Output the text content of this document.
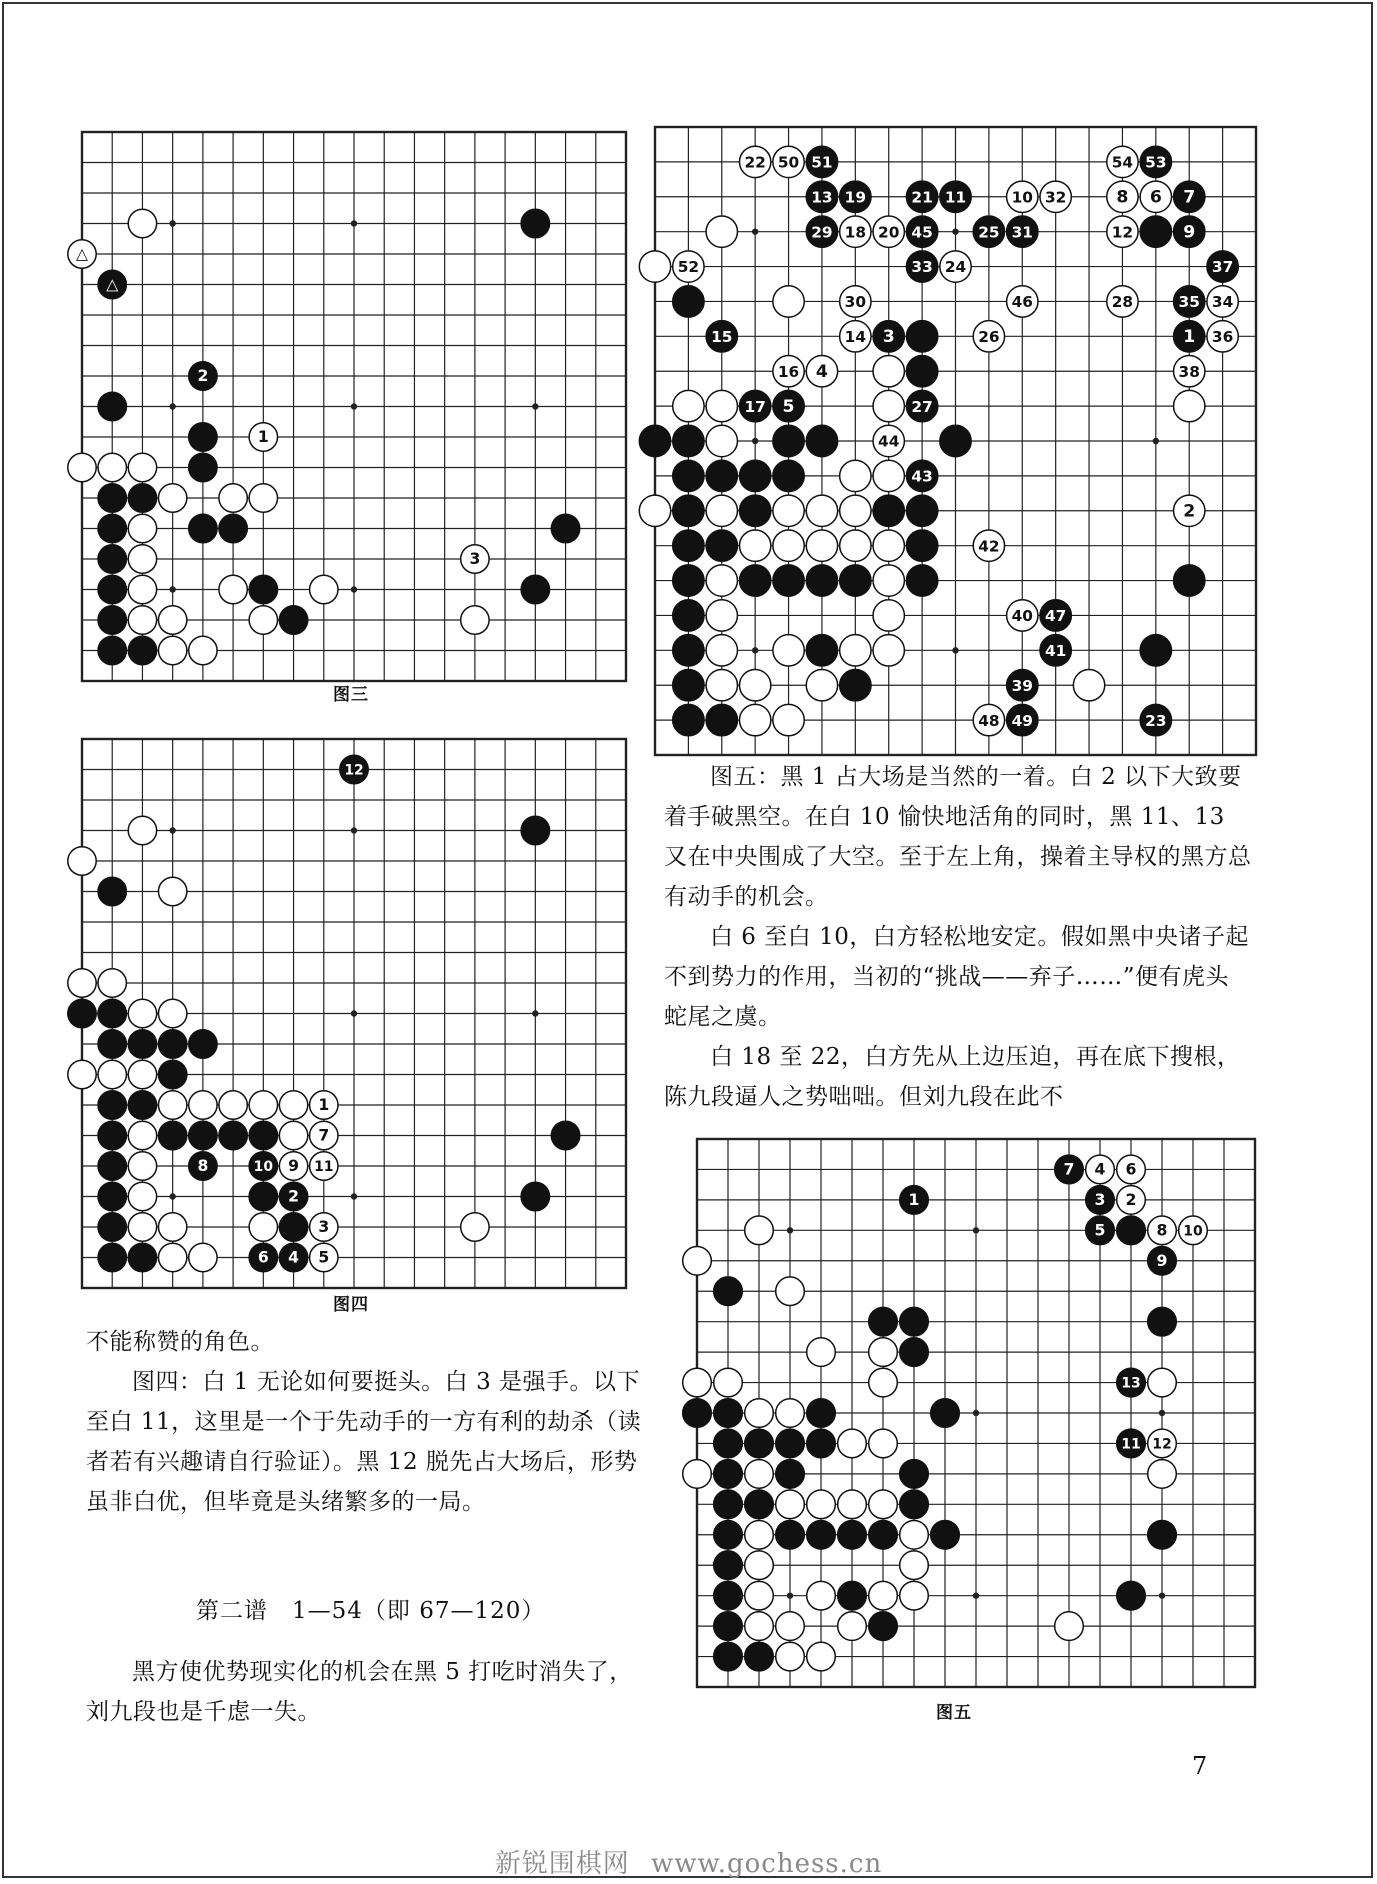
△
△
2
1
3
图三
12
1
7
8	10 9 11
2
3
6 4 5
图四
22 50 51	54 53
13 19	21 11	10 32	8 6 7
29 18 20 45	25 31	12	9
52	33 24	37
30	46	28	35 34
15	14 3	26	1 36
16 4	38
17 5	27
44
43
2
42
40 47
41
39
48 49	23

图五：黑 1 占大场是当然的一着。白 2 以下大致要着手破黑空。在白 10 愉快地活角的同时，黑 11、13 又在中央围成了大空。至于左上角，操着主导权的黑方总有动手的机会。

白 6 至白 10，白方轻松地安定。假如黑中央诸子起不到势力的作用，当初的“挑战——弃子……”便有虎头蛇尾之虞。

白 18 至 22，白方先从上边压迫，再在底下搜根，陈九段逼人之势咄咄。但刘九段在此不

7 4 6
1	3 2
5	8 10
9
13
11 12
图五

不能称赞的角色。

图四：白 1 无论如何要挺头。白 3 是强手。以下至白 11，这里是一个于先动手的一方有利的劫杀（读者若有兴趣请自行验证）。黑 12 脱先占大场后，形势虽非白优，但毕竟是头绪繁多的一局。

第二谱　1—54（即 67—120）

黑方使优势现实化的机会在黑 5 打吃时消失了，刘九段也是千虑一失。

7
新锐围棋网 www.gochess.cn
